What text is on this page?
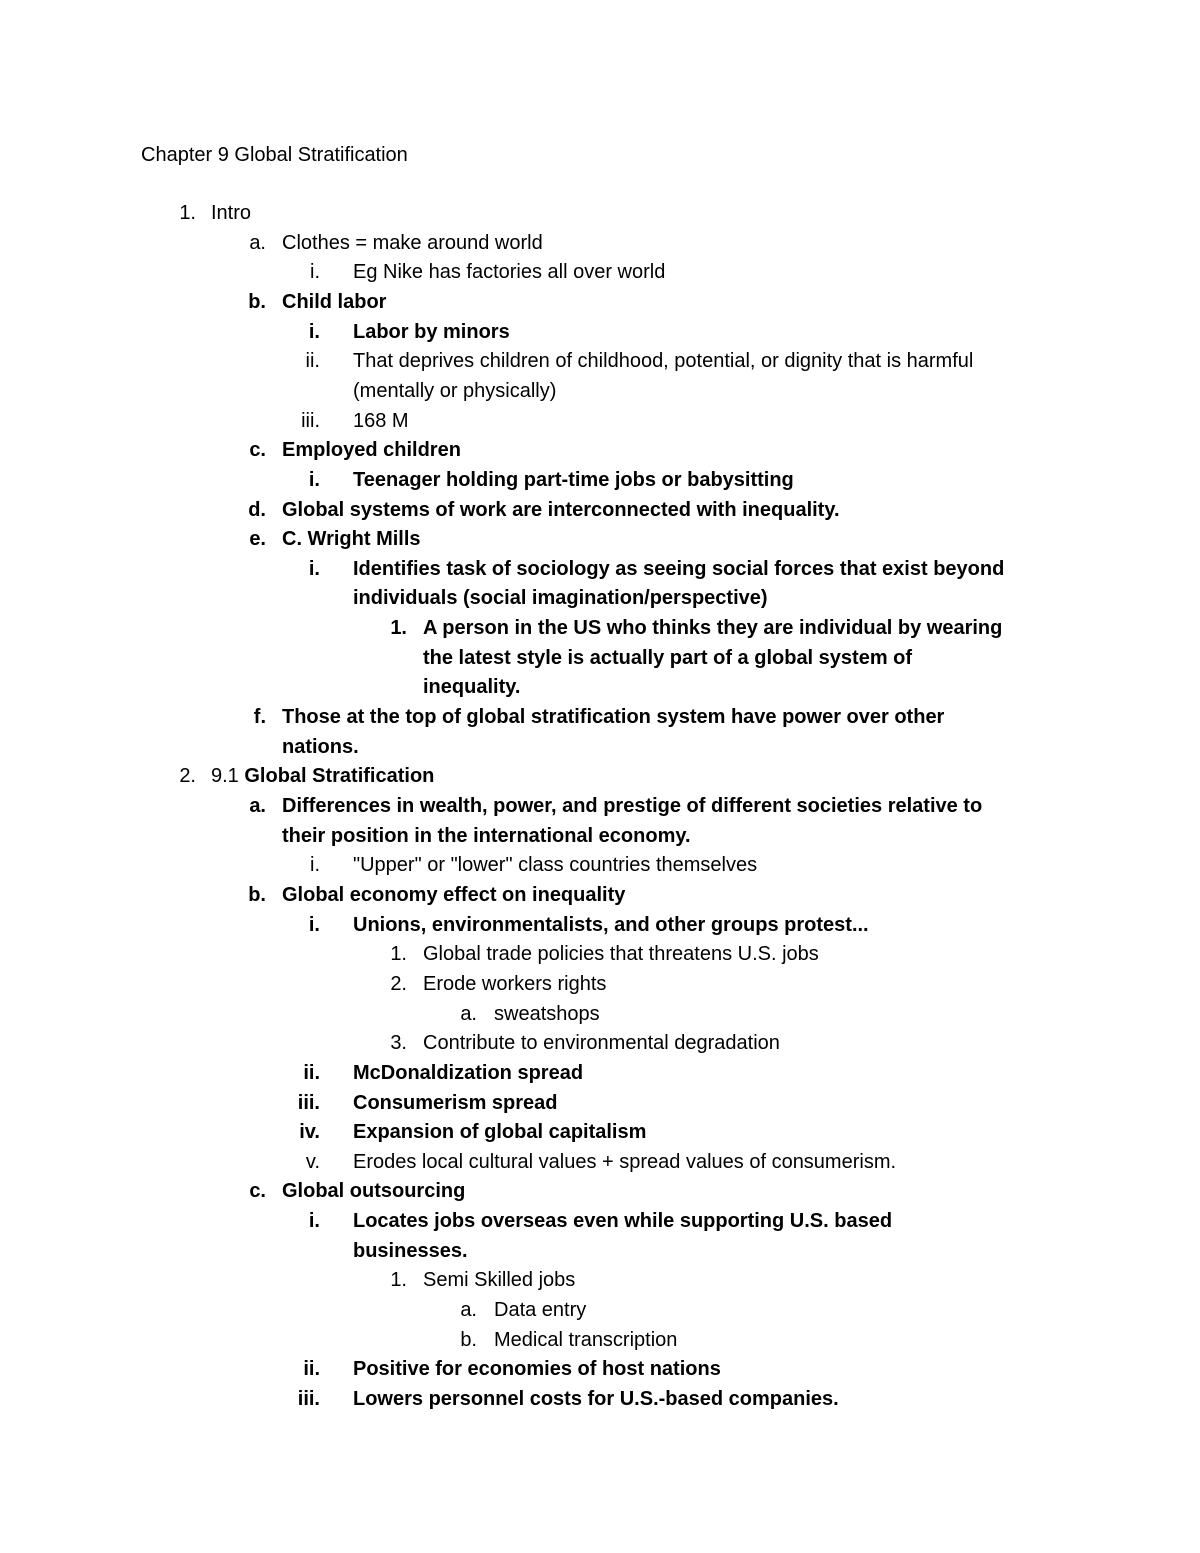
Chapter 9 Global Stratification
1. Intro
a. Clothes = make around world
i. Eg Nike has factories all over world
b. Child labor
i. Labor by minors
ii. That deprives children of childhood, potential, or dignity that is harmful
(mentally or physically)
iii. 168 M
c. Employed children
i. Teenager holding part-time jobs or babysitting
d. Global systems of work are interconnected with inequality.
e. C. Wright Mills
i. Identifies task of sociology as seeing social forces that exist beyond
individuals (social imagination/perspective)
1. A person in the US who thinks they are individual by wearing
the latest style is actually part of a global system of
inequality.
f. Those at the top of global stratification system have power over other
nations.
2. 9.1 Global Stratification
a. Differences in wealth, power, and prestige of different societies relative to
their position in the international economy.
i. "Upper" or "lower" class countries themselves
b. Global economy effect on inequality
i. Unions, environmentalists, and other groups protest...
1. Global trade policies that threatens U.S. jobs
2. Erode workers rights
a. sweatshops
3. Contribute to environmental degradation
ii. McDonaldization spread
iii. Consumerism spread
iv. Expansion of global capitalism
v. Erodes local cultural values + spread values of consumerism.
c. Global outsourcing
i. Locates jobs overseas even while supporting U.S. based
businesses.
1. Semi Skilled jobs
a. Data entry
b. Medical transcription
ii. Positive for economies of host nations
iii. Lowers personnel costs for U.S.-based companies.
